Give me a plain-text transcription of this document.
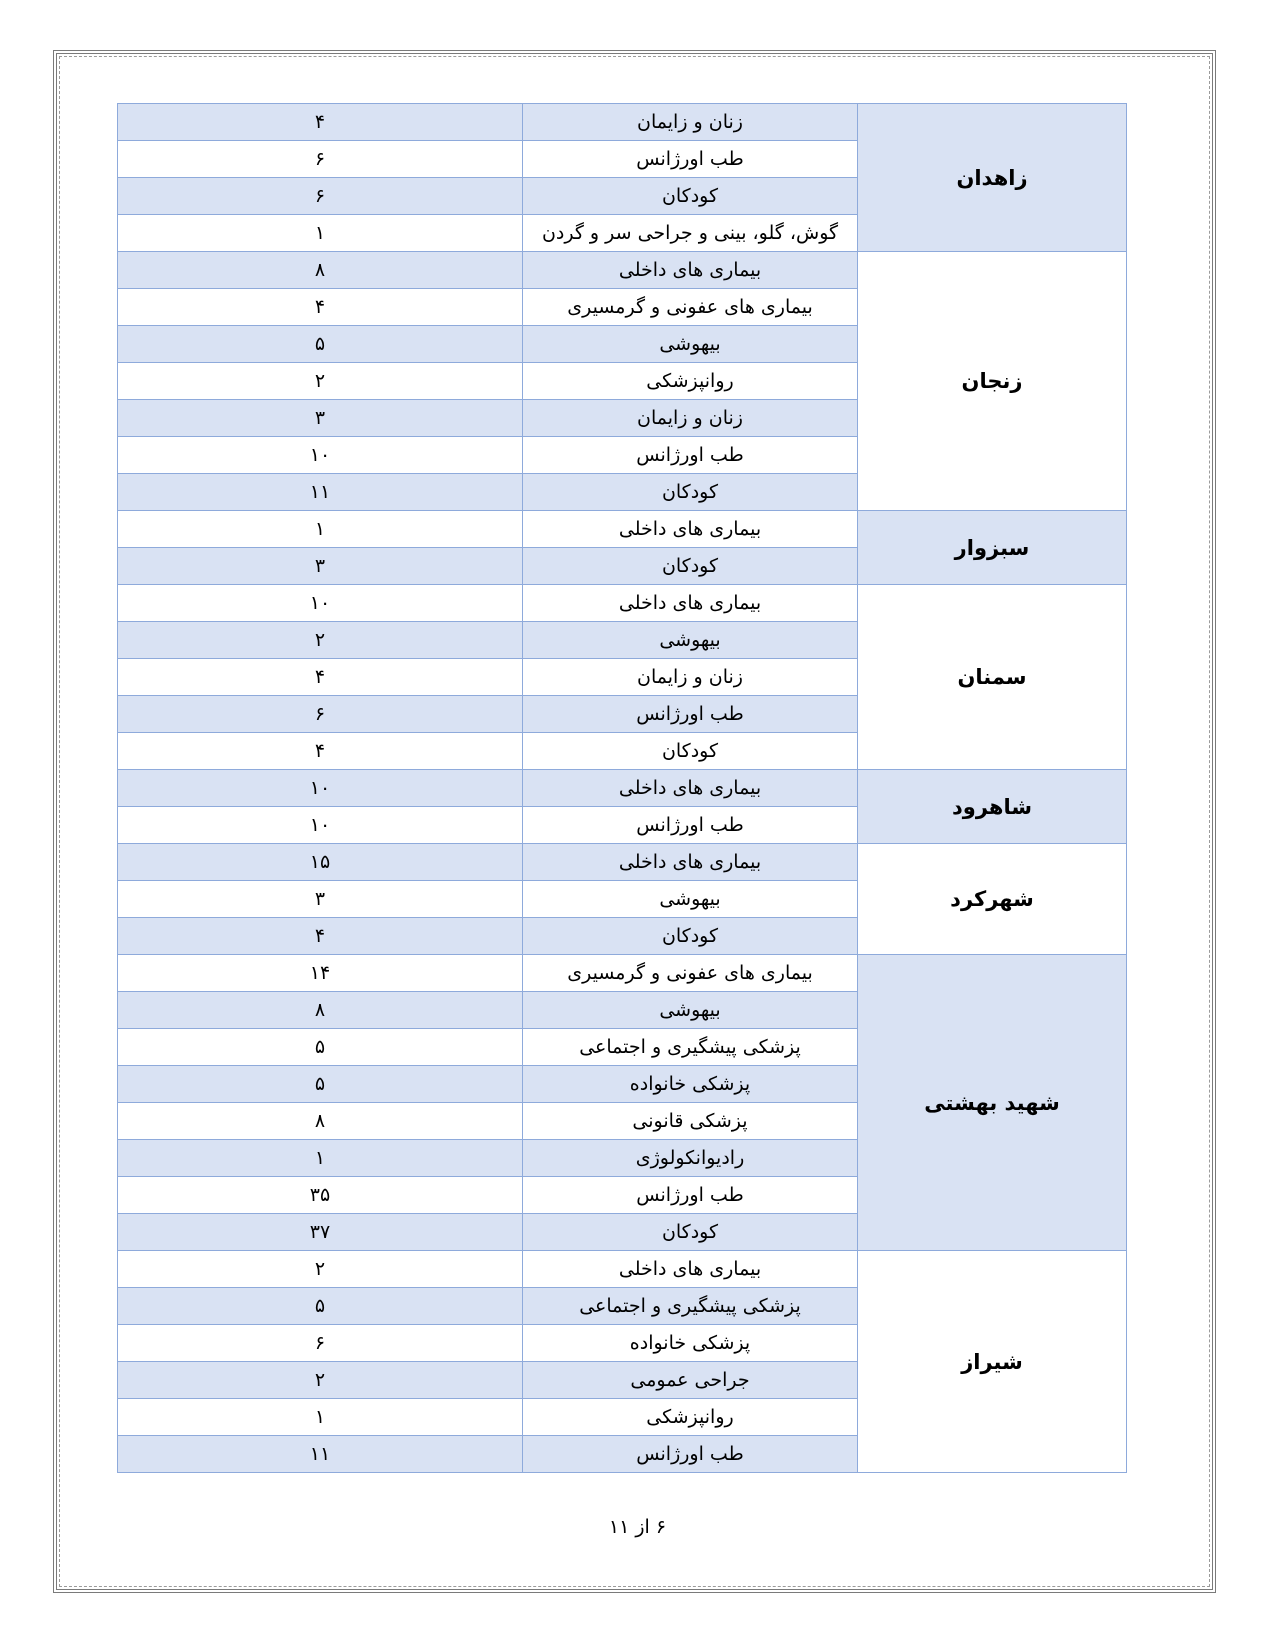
زاهدان	زنان و زایمان	۴
	طب اورژانس	۶
	کودکان	۶
	گوش، گلو، بینی و جراحی سر و گردن	۱
زنجان	بیماری های داخلی	۸
	بیماری های عفونی و گرمسیری	۴
	بیهوشی	۵
	روانپزشکی	۲
	زنان و زایمان	۳
	طب اورژانس	۱۰
	کودکان	۱۱
سبزوار	بیماری های داخلی	۱
	کودکان	۳
سمنان	بیماری های داخلی	۱۰
	بیهوشی	۲
	زنان و زایمان	۴
	طب اورژانس	۶
	کودکان	۴
شاهرود	بیماری های داخلی	۱۰
	طب اورژانس	۱۰
شهرکرد	بیماری های داخلی	۱۵
	بیهوشی	۳
	کودکان	۴
شهید بهشتی	بیماری های عفونی و گرمسیری	۱۴
	بیهوشی	۸
	پزشکی پیشگیری و اجتماعی	۵
	پزشکی خانواده	۵
	پزشکی قانونی	۸
	رادیوانکولوژی	۱
	طب اورژانس	۳۵
	کودکان	۳۷
شیراز	بیماری های داخلی	۲
	پزشکی پیشگیری و اجتماعی	۵
	پزشکی خانواده	۶
	جراحی عمومی	۲
	روانپزشکی	۱
	طب اورژانس	۱۱
۶ از ۱۱
